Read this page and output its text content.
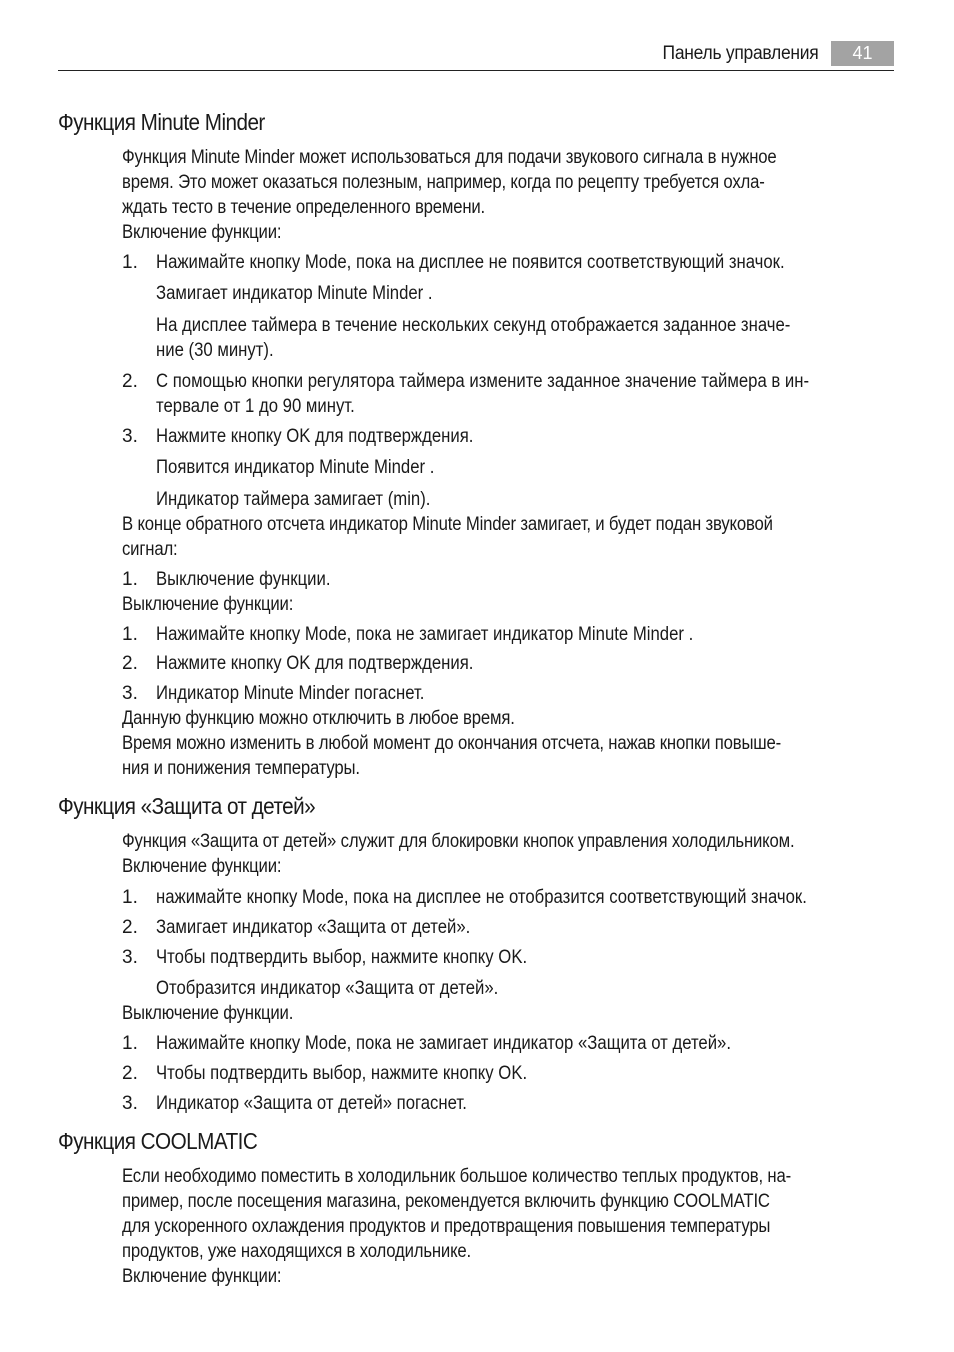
Панель управления	41
Функция Minute Minder
Функция Minute Minder может использоваться для подачи звукового сигнала в нужное
время. Это может оказаться полезным, например, когда по рецепту требуется охла-
ждать тесто в течение определенного времени.
Включение функции:
1. Нажимайте кнопку Mode, пока на дисплее не появится соответствующий значок.
Замигает индикатор Minute Minder .
На дисплее таймера в течение нескольких секунд отображается заданное значе-
ние (30 минут).
2. С помощью кнопки регулятора таймера измените заданное значение таймера в ин-
тервале от 1 до 90 минут.
3. Нажмите кнопку OK для подтверждения.
Появится индикатор Minute Minder .
Индикатор таймера замигает (min).
В конце обратного отсчета индикатор Minute Minder замигает, и будет подан звуковой
сигнал:
1. Выключение функции.
Выключение функции:
1. Нажимайте кнопку Mode, пока не замигает индикатор Minute Minder .
2. Нажмите кнопку OK для подтверждения.
3. Индикатор Minute Minder погаснет.
Данную функцию можно отключить в любое время.
Время можно изменить в любой момент до окончания отсчета, нажав кнопки повыше-
ния и понижения температуры.
Функция «Защита от детей»
Функция «Защита от детей» служит для блокировки кнопок управления холодильником.
Включение функции:
1. нажимайте кнопку Mode, пока на дисплее не отобразится соответствующий значок.
2. Замигает индикатор «Защита от детей».
3. Чтобы подтвердить выбор, нажмите кнопку OK.
Отобразится индикатор «Защита от детей».
Выключение функции.
1. Нажимайте кнопку Mode, пока не замигает индикатор «Защита от детей».
2. Чтобы подтвердить выбор, нажмите кнопку OK.
3. Индикатор «Защита от детей» погаснет.
Функция COOLMATIC
Если необходимо поместить в холодильник большое количество теплых продуктов, на-
пример, после посещения магазина, рекомендуется включить функцию COOLMATIC
для ускоренного охлаждения продуктов и предотвращения повышения температуры
продуктов, уже находящихся в холодильнике.
Включение функции:
